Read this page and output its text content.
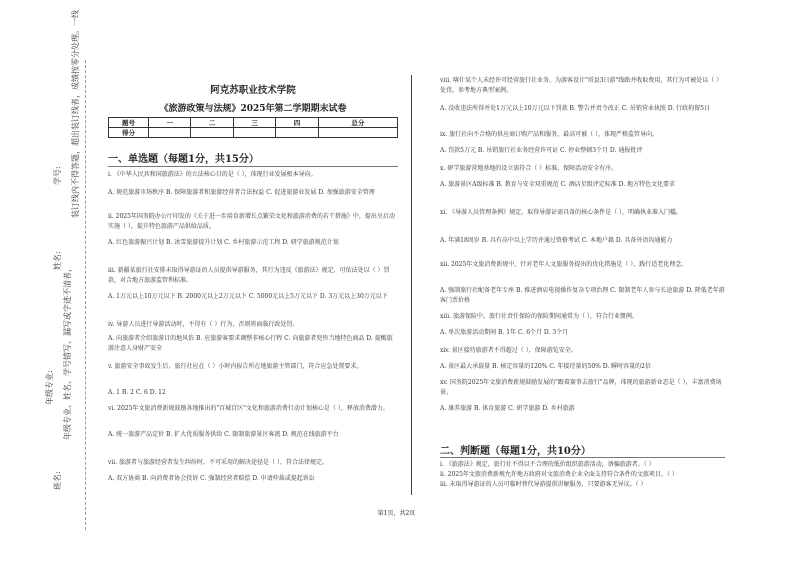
学号: 装订线内不得答题，超出装订线者，成绩按零分处理。一线
姓名:
年级专业、姓名、学号错写、漏写或字迹不清者，
年级专业:
班名:
阿克苏职业技术学院
《旅游政策与法规》2025年第二学期期末试卷
题号	一	二	三	四	总分
得分					
一、单选题（每题1分，共15分）
i. 《中华人民共和国旅游法》的立法核心目的是（ ），体现行业发展根本导向。
A. 规范旅游市场秩序 B. 保障旅游者和旅游经营者合法权益 C. 促进旅游业发展 D. 加强旅游安全管理
ii. 2025年国务院办公厅印发的《关于进一步培育新增长点繁荣文化和旅游消费的若干措施》中，提出呈启动实施（ ），提升特色旅游产品供给品质。
A. 红色旅游振兴计划 B. 冰雪旅游提升计划 C. 乡村旅游示范工程 D. 研学旅游规范计划
iii. 新疆某旅行社安排未取得导游证的人员提供导游服务，其行为违反《旅游法》规定，可依法处以（ ）罚款，对合地方旅游监管利标准。
A. 1万元以上10万元以下 B. 2000元以上2万元以下 C. 5000元以上5万元以下 D. 3万元以上30万元以下
iv. 导游人员进行导游活动时，不得有（ ）行为，否则将面临行政处罚。
A. 向旅游者介绍旅游目的地风俗 B. 应旅游客要求调整非核心行程 C. 向旅游者兜售当地特色商品 D. 提醒旅游注意人身财产安全
v. 旅游安全事故发生后，旅行社应在（ ）小时内报告所在地旅游主管部门，符合应急处置要求。
A. 1 B. 2 C. 6 D. 12
vi. 2025年文旅消费新规鼓励各地推出的"百城百区"文化和旅游消费行动计划核心是（ ），释放消费潜力。
A. 统一旅游产品定价 B. 扩大优质服务供给 C. 限制旅游景区客流 D. 规范在线旅游平台
vii. 旅游者与旅游经营者发生纠纷时，不可采用的解决途径是（ ），符合法律规定。
A. 双方协商 B. 向消费者协会投诉 C. 强制经营者赔偿 D. 申请仲裁或提起诉讼
viii. 喀什某个人未经许可经营旅行社业务，为游客设计"塔县3日游"线路并收取费用，其行为可被处以（ ）处罚，参考地方典型案例。
A. 没收违法所得并处1万元以上10万元以下罚款 B. 警告并责令改正 C. 吊销营业执照 D. 行政拘留5日
ix. 旅行社向不合格的供应商订购产品和服务，最高可被（ ），体现严格监管导向。
A. 罚款5万元 B. 吊销旅行社业务经营许可证 C. 停业整顿3个月 D. 通报批评
x. 研学旅游营地基地的设立需符合（ ）标准，保障活动安全有序。
A. 旅游景区A级标准 B. 教育与安全双重规范 C. 酒店星级评定标准 D. 地方特色文化要求
xi. 《导游人员管理条例》规定，取得导游证需具备的核心条件是（ ），明确执业准入门槛。
A. 年满18周岁 B. 具有高中以上学历并通过资格考试 C. 本地户籍 D. 具备外语沟通能力
xii. 2025年文旅消费新规中，针对老年人文旅服务提出的优化措施是（ ），践行适老化理念。
A. 强制旅行社配备老年专座 B. 推进酒店电视操作复杂专项治理 C. 限制老年人参与长途旅游 D. 降低老年游客门票价格
xiii. 旅游保险中，旅行社责任保险的保险期间通常为（ ），符合行业惯例。
A. 单次旅游活动期间 B. 1年 C. 6个月 D. 3个月
xiv. 景区接待旅游者不得超过（ ），保障游览安全。
A. 景区最大承载量 B. 核定容量的120% C. 年接待量的50% D. 瞬时容量的2倍
xv. 国务院2025年文旅消费新规鼓励发展的"跟着赛事去旅行"品牌，体现的旅游新业态是（ ），丰富消费场景。
A. 康养旅游 B. 体育旅游 C. 研学旅游 D. 乡村旅游
二、判断题（每题1分，共10分）
i. 《旅游法》规定，旅行社不得以不合理的低价组织旅游活动，诱骗旅游者。（ ）
ii. 2025年文旅消费新规允许地方政府对文旅消费企业全面支持符合条件的文旅项目。（ ）
iii. 未取得导游证的人员可临时替代导游提供讲解服务，只要游客无异议。（ ）
第1页，共2页
